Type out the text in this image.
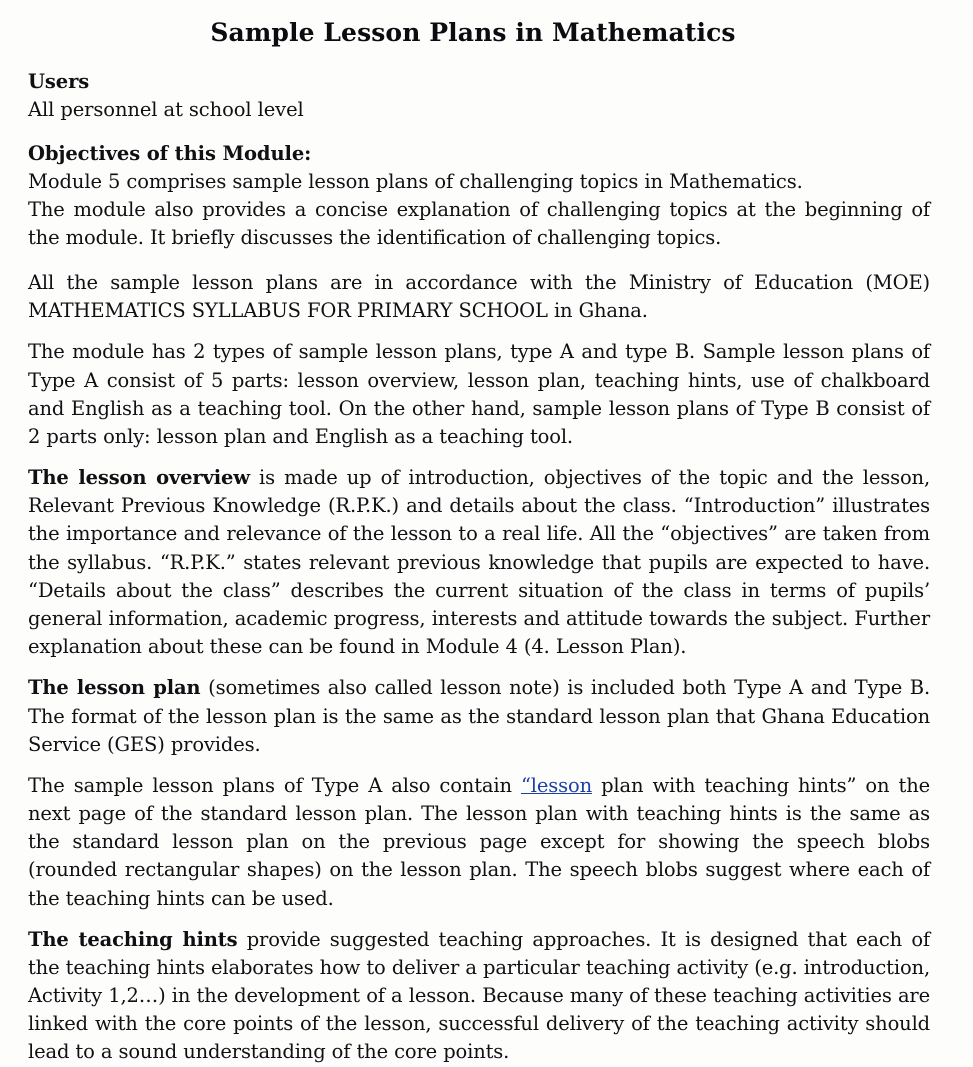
Sample Lesson Plans in Mathematics
Users
All personnel at school level
Objectives of this Module:
Module 5 comprises sample lesson plans of challenging topics in Mathematics.
The module also provides a concise explanation of challenging topics at the beginning of the module. It briefly discusses the identification of challenging topics.

All the sample lesson plans are in accordance with the Ministry of Education (MOE) MATHEMATICS SYLLABUS FOR PRIMARY SCHOOL in Ghana.

The module has 2 types of sample lesson plans, type A and type B. Sample lesson plans of Type A consist of 5 parts: lesson overview, lesson plan, teaching hints, use of chalkboard and English as a teaching tool. On the other hand, sample lesson plans of Type B consist of 2 parts only: lesson plan and English as a teaching tool.

The lesson overview is made up of introduction, objectives of the topic and the lesson, Relevant Previous Knowledge (R.P.K.) and details about the class. “Introduction” illustrates the importance and relevance of the lesson to a real life. All the “objectives” are taken from the syllabus. “R.P.K.” states relevant previous knowledge that pupils are expected to have. “Details about the class” describes the current situation of the class in terms of pupils’ general information, academic progress, interests and attitude towards the subject. Further explanation about these can be found in Module 4 (4. Lesson Plan).

The lesson plan (sometimes also called lesson note) is included both Type A and Type B. The format of the lesson plan is the same as the standard lesson plan that Ghana Education Service (GES) provides.

The sample lesson plans of Type A also contain “lesson plan with teaching hints” on the next page of the standard lesson plan. The lesson plan with teaching hints is the same as the standard lesson plan on the previous page except for showing the speech blobs (rounded rectangular shapes) on the lesson plan. The speech blobs suggest where each of the teaching hints can be used.

The teaching hints provide suggested teaching approaches. It is designed that each of the teaching hints elaborates how to deliver a particular teaching activity (e.g. introduction, Activity 1,2…) in the development of a lesson. Because many of these teaching activities are linked with the core points of the lesson, successful delivery of the teaching activity should lead to a sound understanding of the core points.
